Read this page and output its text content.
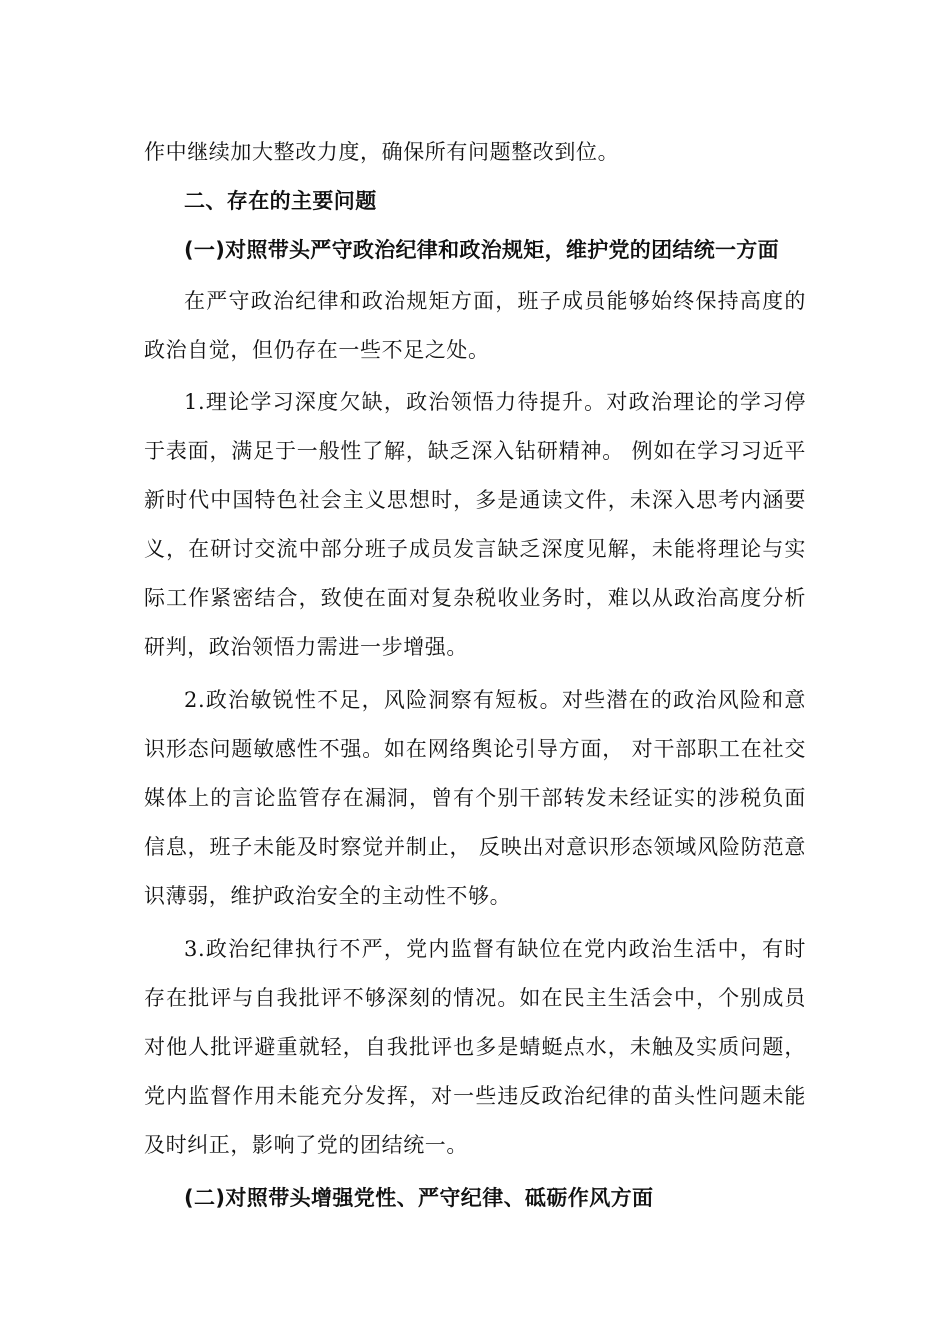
作中继续加大整改力度，确保所有问题整改到位。
二、存在的主要问题
(一)对照带头严守政治纪律和政治规矩，维护党的团结统一方面
在严守政治纪律和政治规矩方面，班子成员能够始终保持高度的政治自觉，但仍存在一些不足之处。
1.理论学习深度欠缺，政治领悟力待提升。对政治理论的学习停于表面，满足于一般性了解，缺乏深入钻研精神。 例如在学习习近平新时代中国特色社会主义思想时，多是通读文件，未深入思考内涵要义，在研讨交流中部分班子成员发言缺乏深度见解，未能将理论与实际工作紧密结合，致使在面对复杂税收业务时，难以从政治高度分析研判，政治领悟力需进一步增强。
2.政治敏锐性不足，风险洞察有短板。对些潜在的政治风险和意识形态问题敏感性不强。如在网络舆论引导方面， 对干部职工在社交媒体上的言论监管存在漏洞，曾有个别干部转发未经证实的涉税负面信息，班子未能及时察觉并制止， 反映出对意识形态领域风险防范意识薄弱，维护政治安全的主动性不够。
3.政治纪律执行不严，党内监督有缺位在党内政治生活中，有时存在批评与自我批评不够深刻的情况。如在民主生活会中，个别成员对他人批评避重就轻，自我批评也多是蜻蜓点水，未触及实质问题，党内监督作用未能充分发挥，对一些违反政治纪律的苗头性问题未能及时纠正，影响了党的团结统一。
(二)对照带头增强党性、严守纪律、砥砺作风方面
